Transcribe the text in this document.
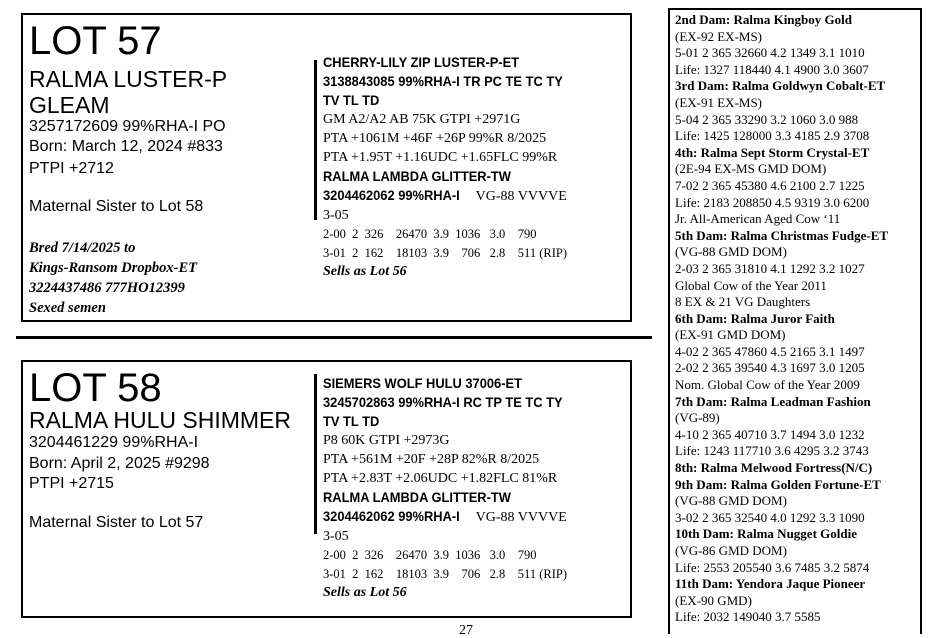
LOT 57
RALMA LUSTER-P
GLEAM
3257172609 99%RHA-I PO
Born: March 12, 2024 #833
PTPI +2712
Maternal Sister to Lot 58
Bred 7/14/2025 to
Kings-Ransom Dropbox-ET
3224437486 777HO12399
Sexed semen
CHERRY-LILY ZIP LUSTER-P-ET
3138843085 99%RHA-I TR PC TE TC TY
TV TL TD
GM A2/A2 AB 75K GTPI +2971G
PTA +1061M +46F +26P 99%R 8/2025
PTA +1.95T +1.16UDC +1.65FLC 99%R
RALMA LAMBDA GLITTER-TW
3204462062 99%RHA-I VG-88 VVVVE
3-05
2-00  2  326    26470  3.9  1036   3.0    790
3-01  2  162    18103  3.9    706   2.8    511 (RIP)
Sells as Lot 56
LOT 58
RALMA HULU SHIMMER
3204461229 99%RHA-I
Born: April 2, 2025 #9298
PTPI +2715
Maternal Sister to Lot 57
SIEMERS WOLF HULU 37006-ET
3245702863 99%RHA-I RC TP TE TC TY
TV TL TD
P8 60K GTPI +2973G
PTA +561M +20F +28P 82%R 8/2025
PTA +2.83T +2.06UDC +1.82FLC 81%R
RALMA LAMBDA GLITTER-TW
3204462062 99%RHA-I VG-88 VVVVE
3-05
2-00  2  326    26470  3.9  1036   3.0    790
3-01  2  162    18103  3.9    706   2.8    511 (RIP)
Sells as Lot 56
2nd Dam: Ralma Kingboy Gold
(EX-92 EX-MS)
5-01 2 365 32660 4.2 1349 3.1 1010
Life: 1327 118440 4.1 4900 3.0 3607
3rd Dam: Ralma Goldwyn Cobalt-ET
(EX-91 EX-MS)
5-04 2 365 33290 3.2 1060 3.0 988
Life: 1425 128000 3.3 4185 2.9 3708
4th: Ralma Sept Storm Crystal-ET
(2E-94 EX-MS GMD DOM)
7-02 2 365 45380 4.6 2100 2.7 1225
Life: 2183 208850 4.5 9319 3.0 6200
Jr. All-American Aged Cow ‘11
5th Dam: Ralma Christmas Fudge-ET
(VG-88 GMD DOM)
2-03 2 365 31810 4.1 1292 3.2 1027
Global Cow of the Year 2011
8 EX & 21 VG Daughters
6th Dam: Ralma Juror Faith
(EX-91 GMD DOM)
4-02 2 365 47860 4.5 2165 3.1 1497
2-02 2 365 39540 4.3 1697 3.0 1205
Nom. Global Cow of the Year 2009
7th Dam: Ralma Leadman Fashion
(VG-89)
4-10 2 365 40710 3.7 1494 3.0 1232
Life: 1243 117710 3.6 4295 3.2 3743
8th: Ralma Melwood Fortress(N/C)
9th Dam: Ralma Golden Fortune-ET
(VG-88 GMD DOM)
3-02 2 365 32540 4.0 1292 3.3 1090
10th Dam: Ralma Nugget Goldie
(VG-86 GMD DOM)
Life: 2553 205540 3.6 7485 3.2 5874
11th Dam: Yendora Jaque Pioneer
(EX-90 GMD)
Life: 2032 149040 3.7 5585
27
